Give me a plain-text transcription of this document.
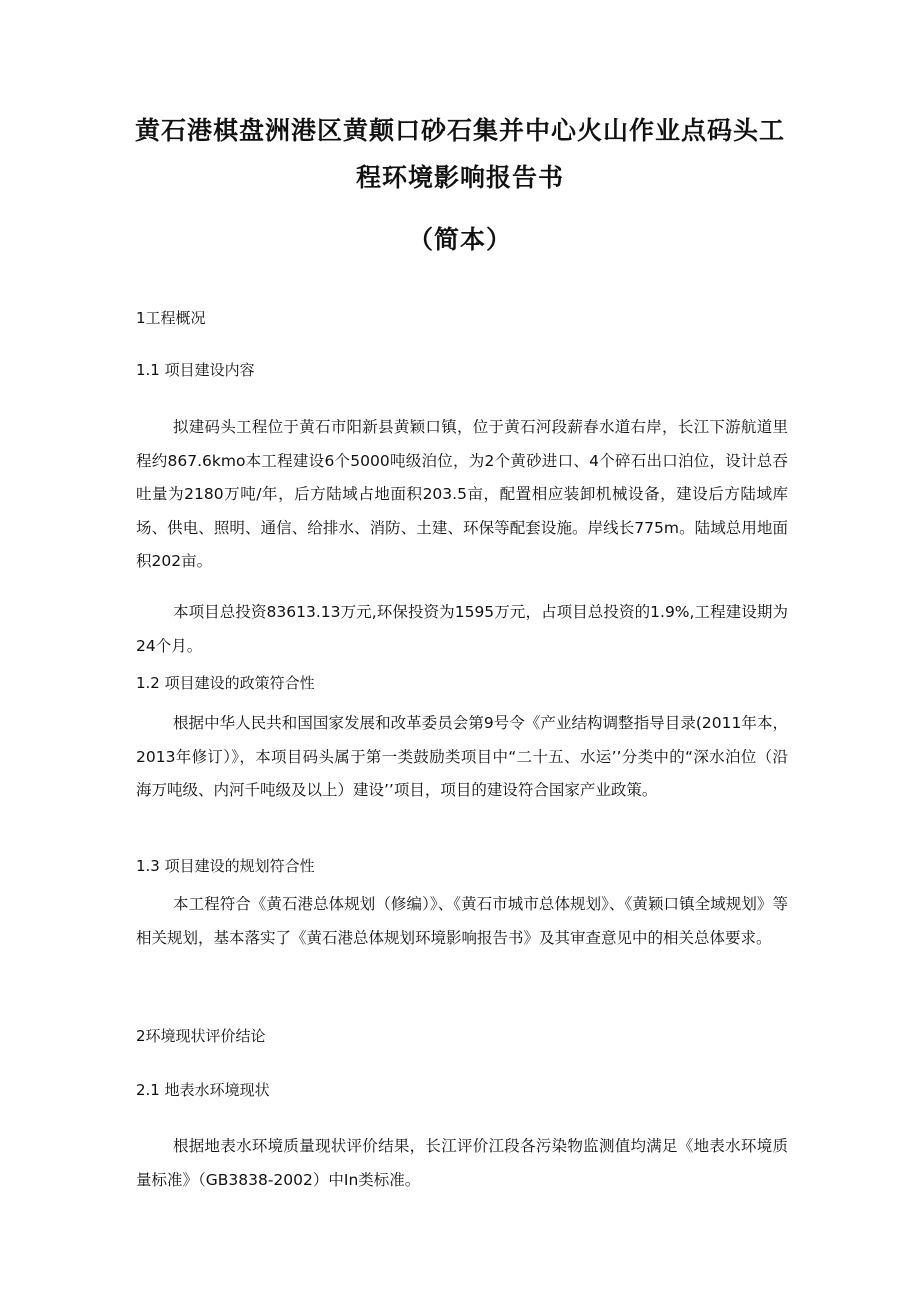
黄石港棋盘洲港区黄颠口砂石集并中心火山作业点码头工
程环境影响报告书
（简本）
1工程概况
1.1 项目建设内容

拟建码头工程位于黄石市阳新县黄颖口镇，位于黄石河段薪春水道右岸，长江下游航道里程约867.6kmo本工程建设6个5000吨级泊位，为2个黄砂进口、4个碎石出口泊位，设计总吞吐量为2180万吨/年，后方陆域占地面积203.5亩，配置相应装卸机械设备，建设后方陆域库场、供电、照明、通信、给排水、消防、土建、环保等配套设施。岸线长775m。陆域总用地面积202亩。

本项目总投资83613.13万元,环保投资为1595万元，占项目总投资的1.9%,工程建设期为24个月。

1.2 项目建设的政策符合性

根据中华人民共和国国家发展和改革委员会第9号令《产业结构调整指导目录(2011年本，2013年修订）》，本项目码头属于第一类鼓励类项目中“二十五、水运’’分类中的“深水泊位（沿海万吨级、内河千吨级及以上）建设’’项目，项目的建设符合国家产业政策。

1.3 项目建设的规划符合性

本工程符合《黄石港总体规划（修编）》、《黄石市城市总体规划》、《黄颖口镇全域规划》等相关规划，基本落实了《黄石港总体规划环境影响报告书》及其审查意见中的相关总体要求。

2环境现状评价结论
2.1 地表水环境现状

根据地表水环境质量现状评价结果，长江评价江段各污染物监测值均满足《地表水环境质量标准》（GB3838-2002）中In类标准。
